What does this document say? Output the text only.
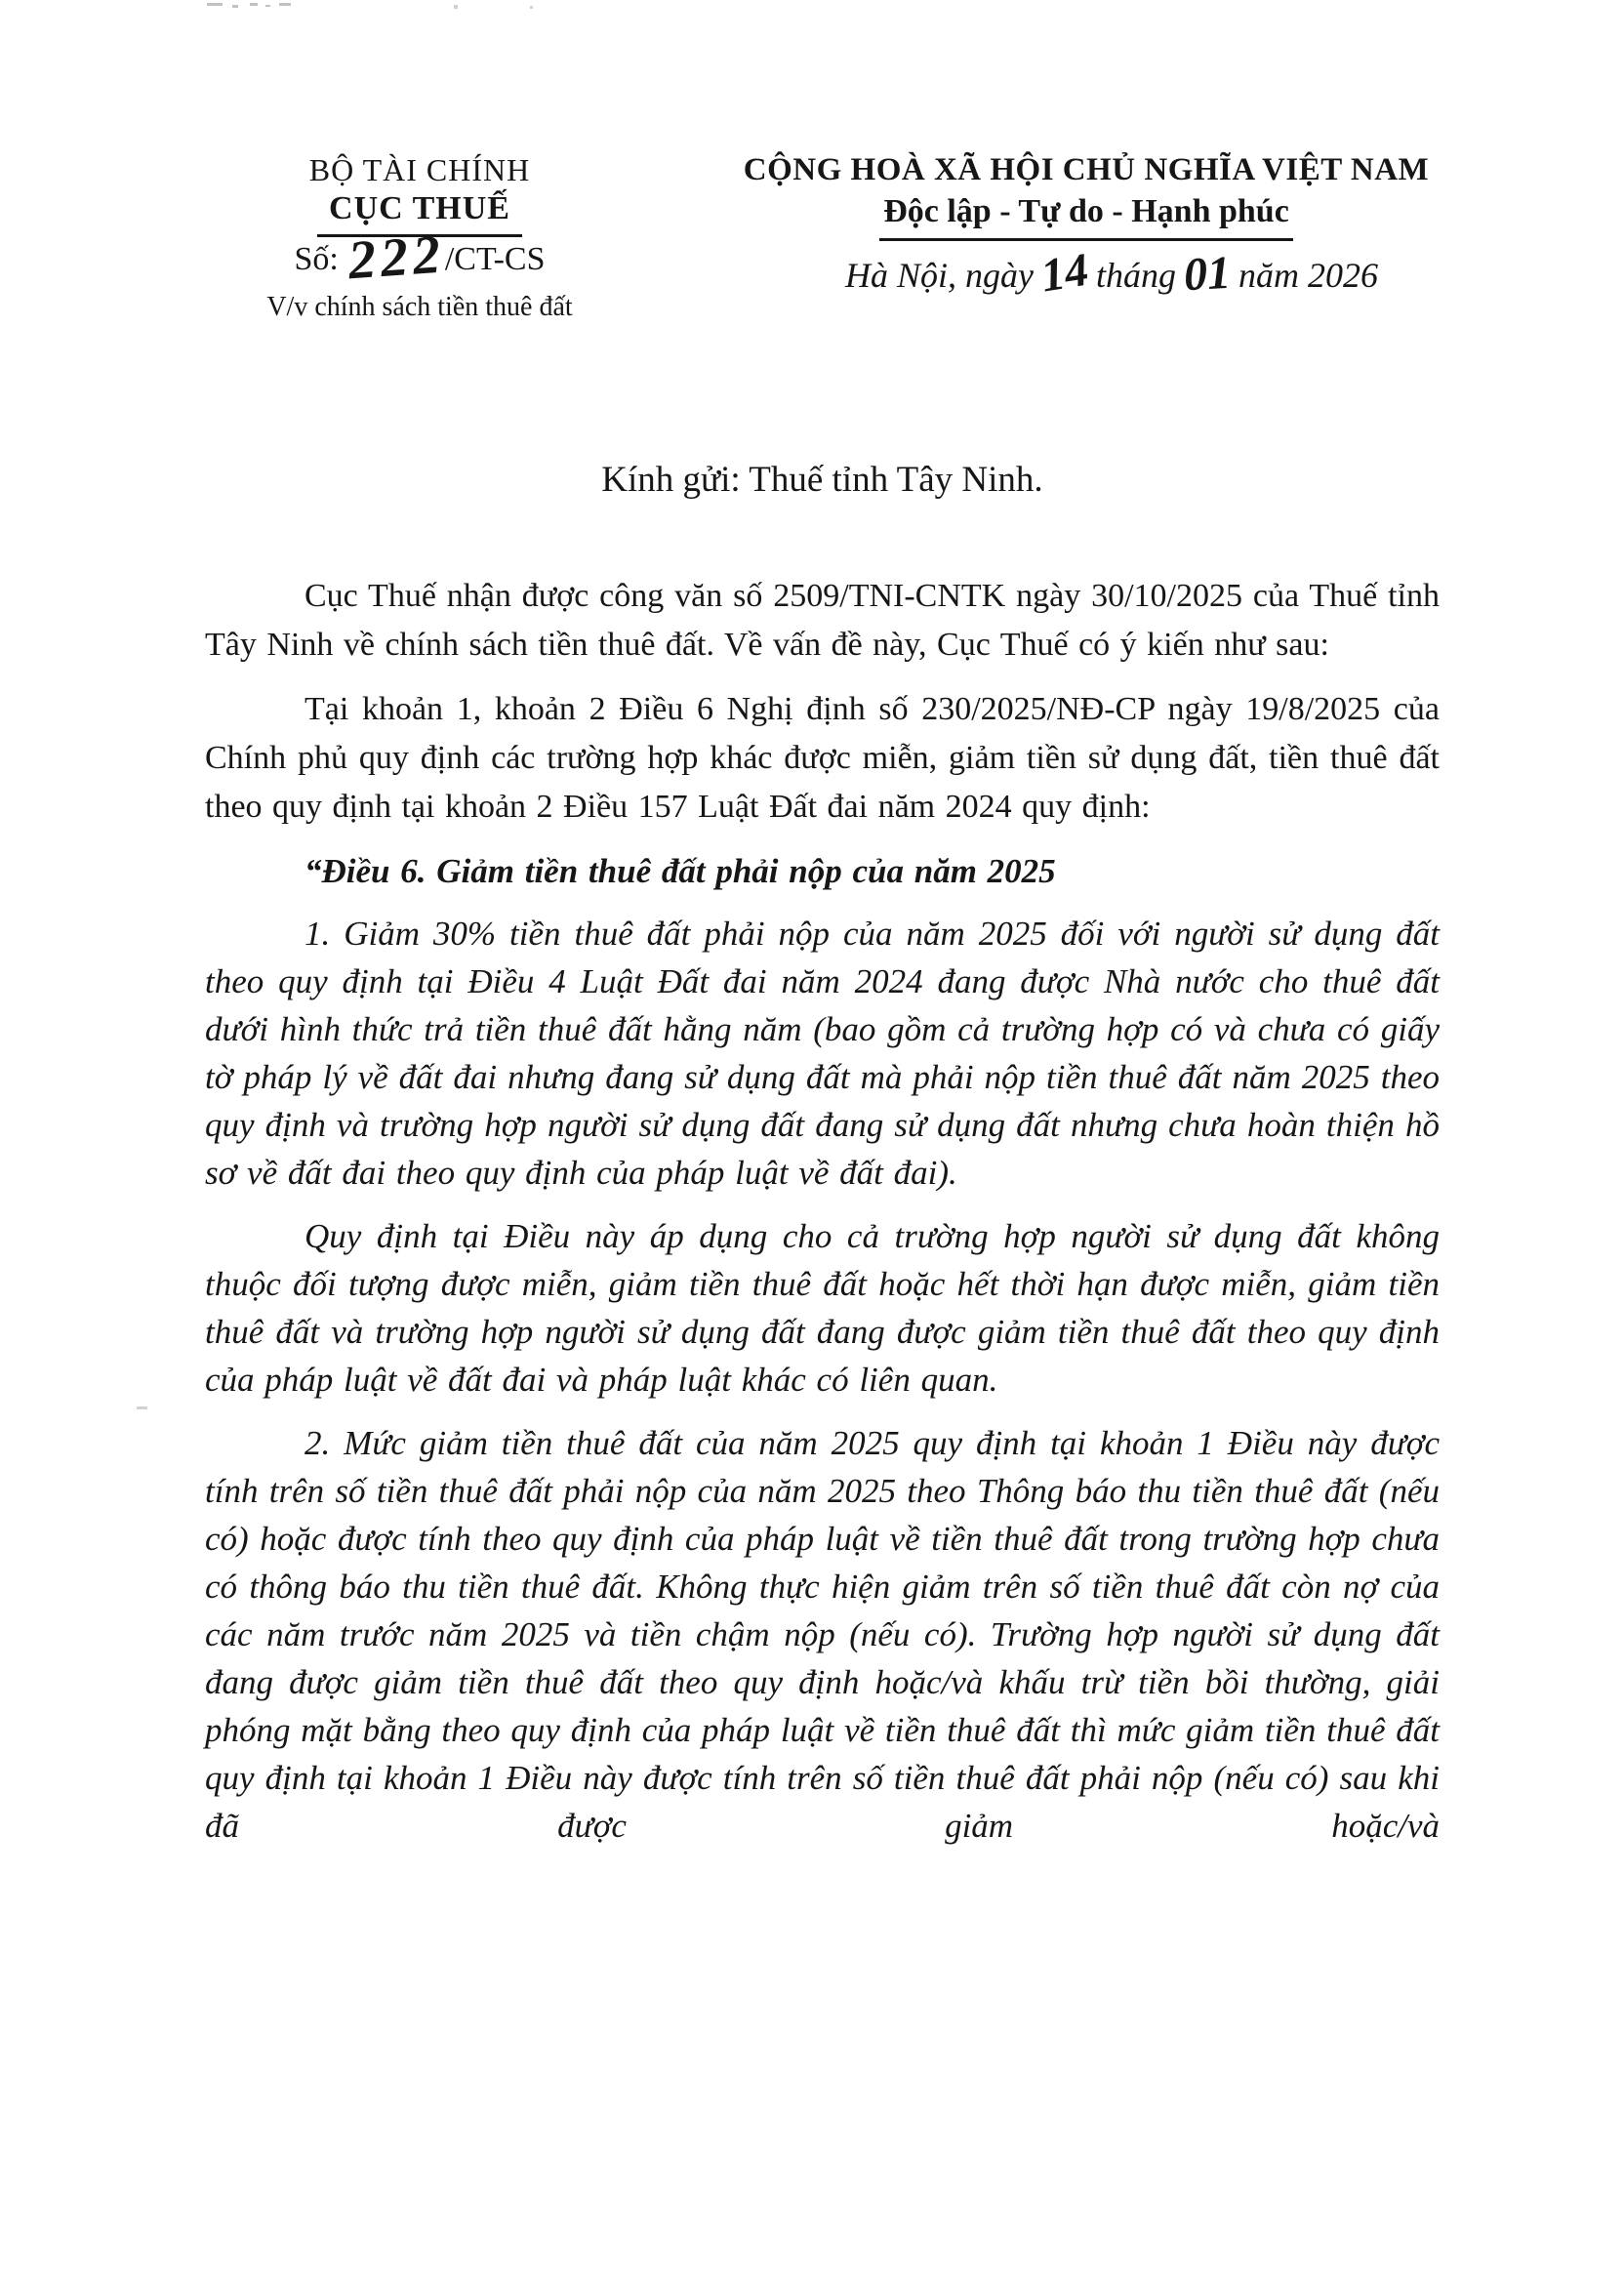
BỘ TÀI CHÍNH
CỤC THUẾ
Số: 222/CT-CS
V/v chính sách tiền thuê đất
CỘNG HOÀ XÃ HỘI CHỦ NGHĨA VIỆT NAM
Độc lập - Tự do - Hạnh phúc
Hà Nội, ngày14 tháng 01 năm 2026
Kính gửi: Thuế tỉnh Tây Ninh.

Cục Thuế nhận được công văn số 2509/TNI-CNTK ngày 30/10/2025 của Thuế tỉnh Tây Ninh về chính sách tiền thuê đất. Về vấn đề này, Cục Thuế có ý kiến như sau:

Tại khoản 1, khoản 2 Điều 6 Nghị định số 230/2025/NĐ-CP ngày 19/8/2025 của Chính phủ quy định các trường hợp khác được miễn, giảm tiền sử dụng đất, tiền thuê đất theo quy định tại khoản 2 Điều 157 Luật Đất đai năm 2024 quy định:

“Điều 6. Giảm tiền thuê đất phải nộp của năm 2025

1. Giảm 30% tiền thuê đất phải nộp của năm 2025 đối với người sử dụng đất theo quy định tại Điều 4 Luật Đất đai năm 2024 đang được Nhà nước cho thuê đất dưới hình thức trả tiền thuê đất hằng năm (bao gồm cả trường hợp có và chưa có giấy tờ pháp lý về đất đai nhưng đang sử dụng đất mà phải nộp tiền thuê đất năm 2025 theo quy định và trường hợp người sử dụng đất đang sử dụng đất nhưng chưa hoàn thiện hồ sơ về đất đai theo quy định của pháp luật về đất đai).

Quy định tại Điều này áp dụng cho cả trường hợp người sử dụng đất không thuộc đối tượng được miễn, giảm tiền thuê đất hoặc hết thời hạn được miễn, giảm tiền thuê đất và trường hợp người sử dụng đất đang được giảm tiền thuê đất theo quy định của pháp luật về đất đai và pháp luật khác có liên quan.

2. Mức giảm tiền thuê đất của năm 2025 quy định tại khoản 1 Điều này được tính trên số tiền thuê đất phải nộp của năm 2025 theo Thông báo thu tiền thuê đất (nếu có) hoặc được tính theo quy định của pháp luật về tiền thuê đất trong trường hợp chưa có thông báo thu tiền thuê đất. Không thực hiện giảm trên số tiền thuê đất còn nợ của các năm trước năm 2025 và tiền chậm nộp (nếu có). Trường hợp người sử dụng đất đang được giảm tiền thuê đất theo quy định hoặc/và khấu trừ tiền bồi thường, giải phóng mặt bằng theo quy định của pháp luật về tiền thuê đất thì mức giảm tiền thuê đất quy định tại khoản 1 Điều này được tính trên số tiền thuê đất phải nộp (nếu có) sau khi đã được giảm hoặc/và
